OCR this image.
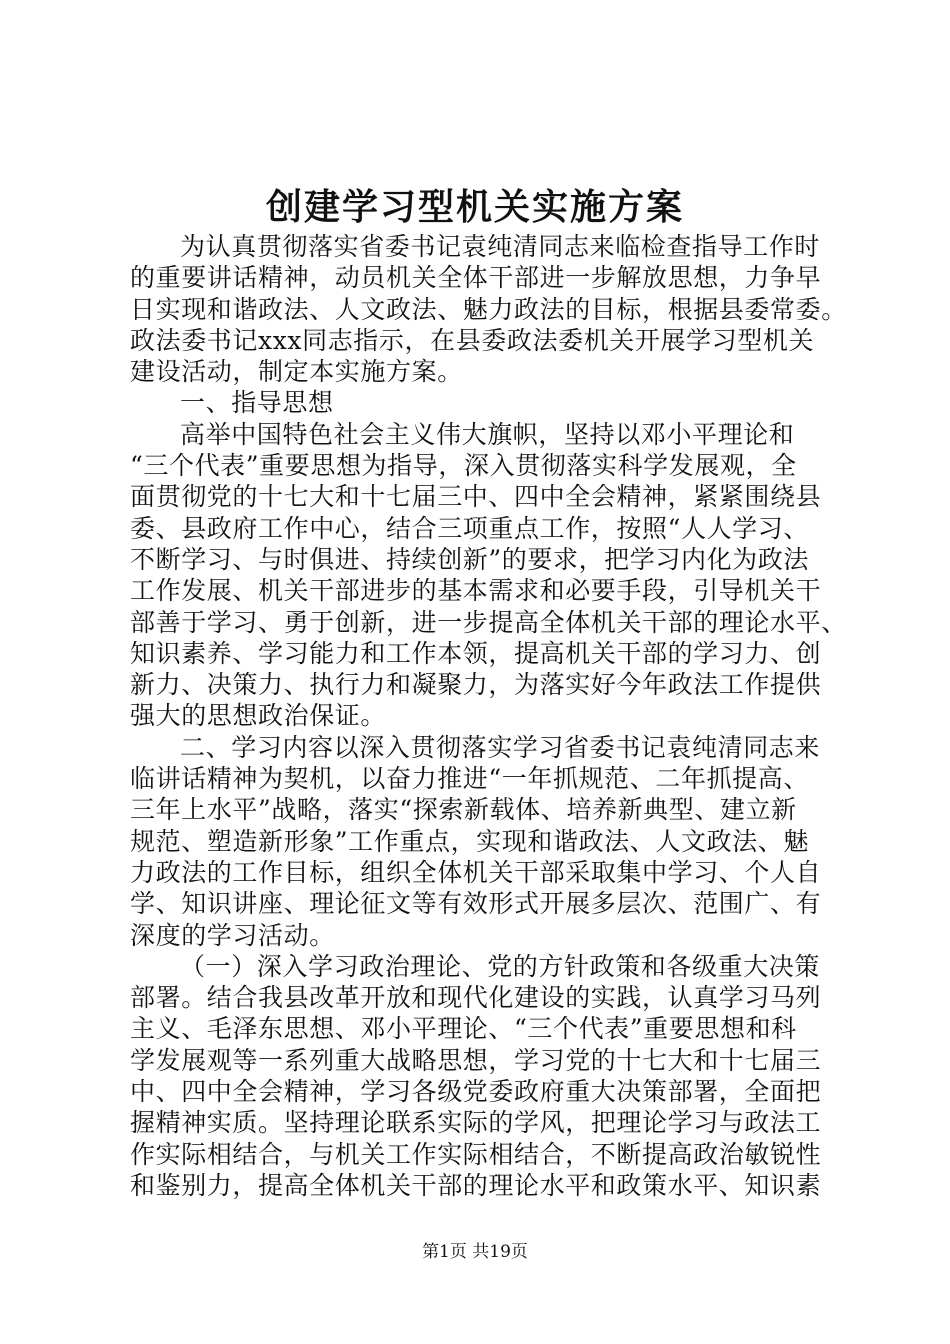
创建学习型机关实施方案
为认真贯彻落实省委书记袁纯清同志来临检查指导工作时
的重要讲话精神，动员机关全体干部进一步解放思想，力争早
日实现和谐政法、人文政法、魅力政法的目标，根据县委常委。
政法委书记xxx同志指示，在县委政法委机关开展学习型机关
建设活动，制定本实施方案。
一、指导思想
高举中国特色社会主义伟大旗帜，坚持以邓小平理论和
“三个代表”重要思想为指导，深入贯彻落实科学发展观，全
面贯彻党的十七大和十七届三中、四中全会精神，紧紧围绕县
委、县政府工作中心，结合三项重点工作，按照“人人学习、
不断学习、与时俱进、持续创新”的要求，把学习内化为政法
工作发展、机关干部进步的基本需求和必要手段，引导机关干
部善于学习、勇于创新，进一步提高全体机关干部的理论水平、
知识素养、学习能力和工作本领，提高机关干部的学习力、创
新力、决策力、执行力和凝聚力，为落实好今年政法工作提供
强大的思想政治保证。
二、学习内容以深入贯彻落实学习省委书记袁纯清同志来
临讲话精神为契机，以奋力推进“一年抓规范、二年抓提高、
三年上水平”战略，落实“探索新载体、培养新典型、建立新
规范、塑造新形象”工作重点，实现和谐政法、人文政法、魅
力政法的工作目标，组织全体机关干部采取集中学习、个人自
学、知识讲座、理论征文等有效形式开展多层次、范围广、有
深度的学习活动。
（一）深入学习政治理论、党的方针政策和各级重大决策
部署。结合我县改革开放和现代化建设的实践，认真学习马列
主义、毛泽东思想、邓小平理论、“三个代表”重要思想和科
学发展观等一系列重大战略思想，学习党的十七大和十七届三
中、四中全会精神，学习各级党委政府重大决策部署，全面把
握精神实质。坚持理论联系实际的学风，把理论学习与政法工
作实际相结合，与机关工作实际相结合，不断提高政治敏锐性
和鉴别力，提高全体机关干部的理论水平和政策水平、知识素
第1页 共19页
